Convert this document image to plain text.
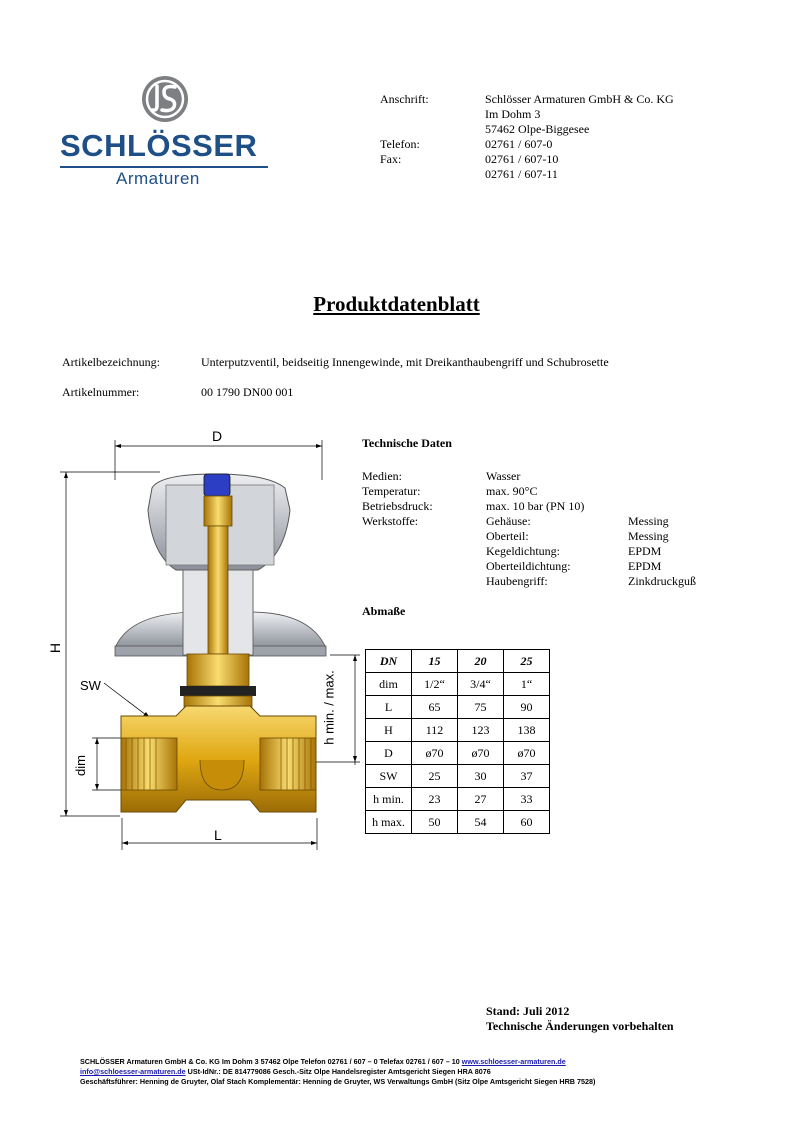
SCHLÖSSER
Armaturen
Anschrift:	Schlösser Armaturen GmbH & Co. KG
Im Dohm 3
57462 Olpe-Biggesee
Telefon:	02761 / 607-0
Fax:	02761 / 607-10
02761 / 607-11
Produktdatenblatt
Artikelbezeichnung:	Unterputzventil, beidseitig Innengewinde, mit Dreikanthaubengriff und Schubrosette
Artikelnummer:	00 1790 DN00 001
D
H
SW
dim
L
h min. / max.
Technische Daten
Medien:	Wasser
Temperatur:	max. 90°C
Betriebsdruck:	max. 10 bar (PN 10)
Werkstoffe:	Gehäuse:	Messing
Oberteil:	Messing
Kegeldichtung:	EPDM
Oberteildichtung:	EPDM
Haubengriff:	Zinkdruckguß
Abmaße
DN	15	20	25
dim	1/2“	3/4“	1“
L	65	75	90
H	112	123	138
D	ø70	ø70	ø70
SW	25	30	37
h min.	23	27	33
h max.	50	54	60
Stand: Juli 2012
Technische Änderungen vorbehalten
SCHLÖSSER Armaturen GmbH & Co. KG Im Dohm 3 57462 Olpe Telefon 02761 / 607 – 0 Telefax 02761 / 607 – 10 www.schloesser-armaturen.de
info@schloesser-armaturen.de USt-IdNr.: DE 814779086 Gesch.-Sitz Olpe Handelsregister Amtsgericht Siegen HRA 8076
Geschäftsführer: Henning de Gruyter, Olaf Stach Komplementär: Henning de Gruyter, WS Verwaltungs GmbH (Sitz Olpe Amtsgericht Siegen HRB 7528)
